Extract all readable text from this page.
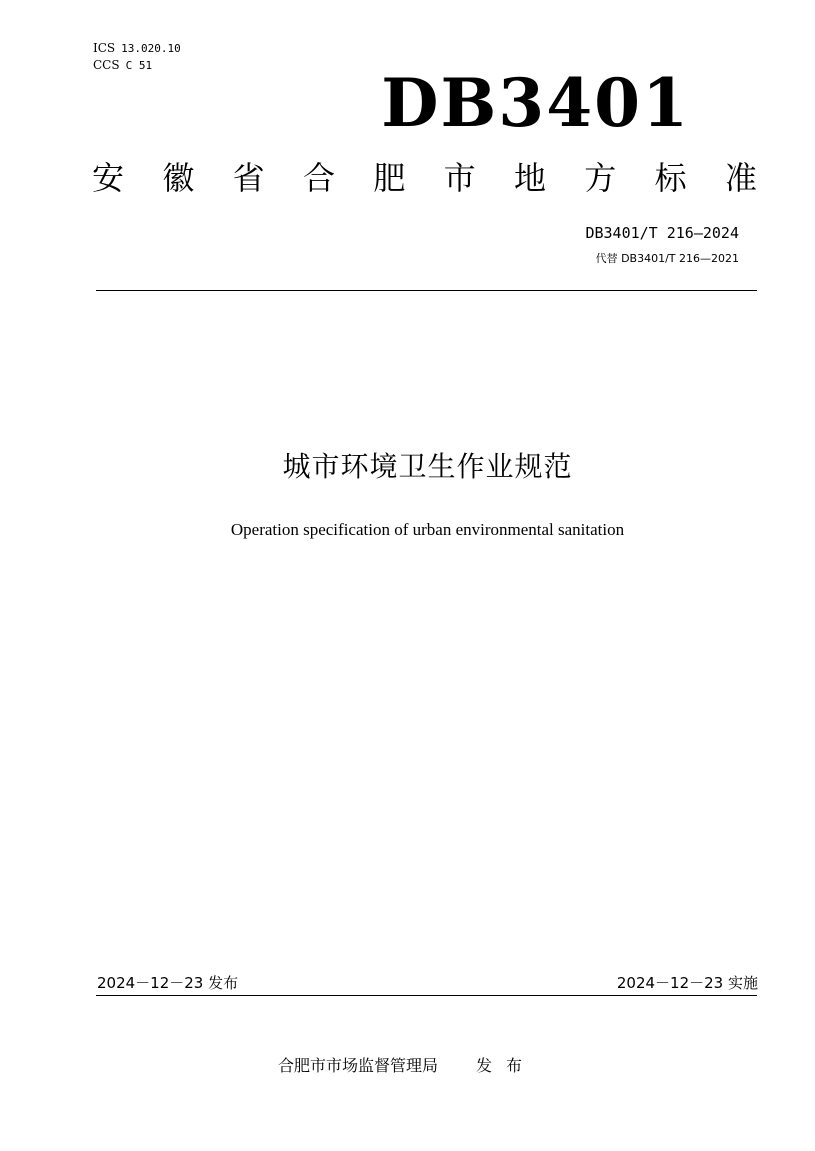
ICS 13.020.10
CCS C 51	DB3401
安 徽 省 合 肥 市 地 方 标 准
DB3401/T 216—2024
代替 DB3401/T 216—2021
城市环境卫生作业规范
Operation specification of urban environmental sanitation
2024－12－23 发布	2024－12－23 实施
合肥市市场监督管理局 发布
